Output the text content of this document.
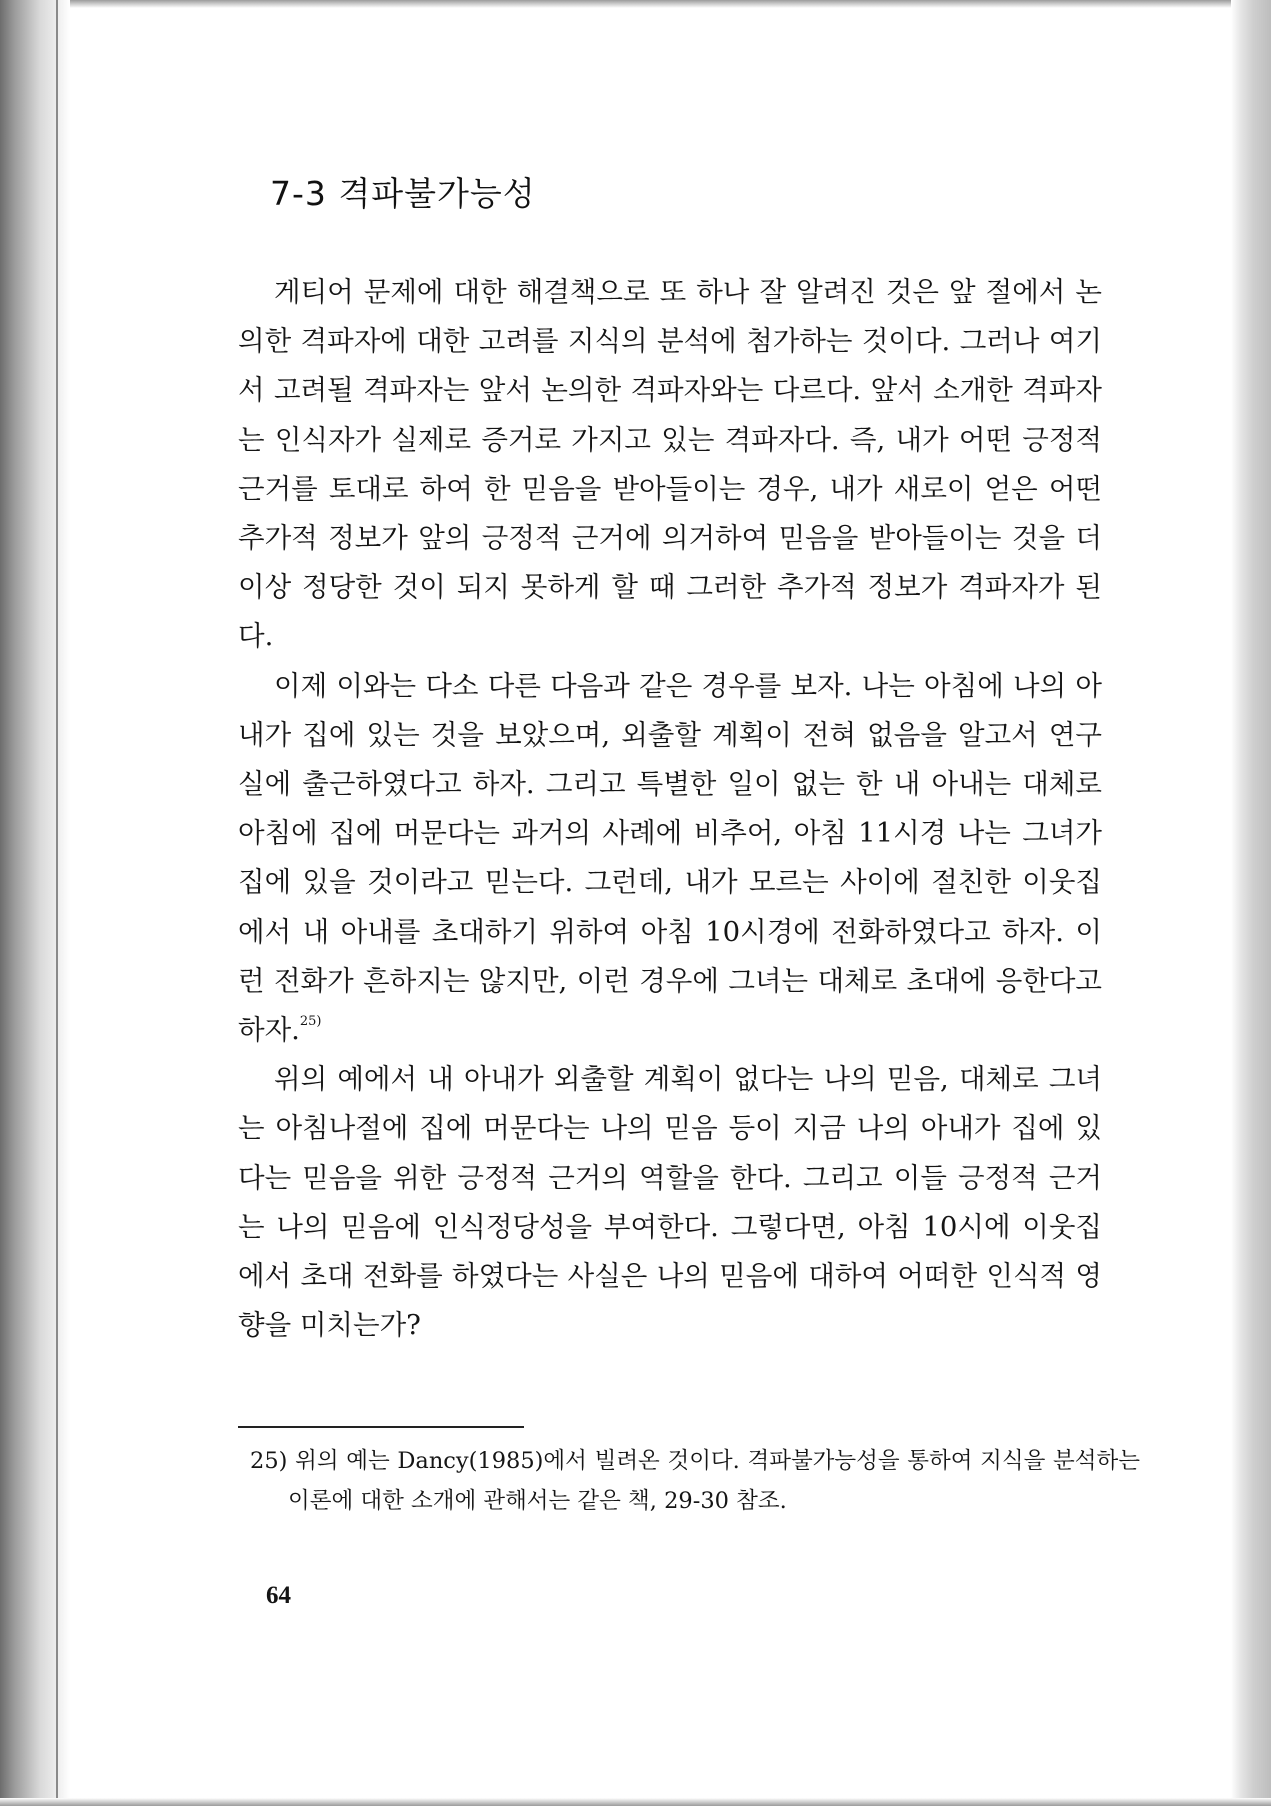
7-3 격파불가능성

게티어 문제에 대한 해결책으로 또 하나 잘 알려진 것은 앞 절에서 논의한 격파자에 대한 고려를 지식의 분석에 첨가하는 것이다. 그러나 여기서 고려될 격파자는 앞서 논의한 격파자와는 다르다. 앞서 소개한 격파자는 인식자가 실제로 증거로 가지고 있는 격파자다. 즉, 내가 어떤 긍정적 근거를 토대로 하여 한 믿음을 받아들이는 경우, 내가 새로이 얻은 어떤 추가적 정보가 앞의 긍정적 근거에 의거하여 믿음을 받아들이는 것을 더 이상 정당한 것이 되지 못하게 할 때 그러한 추가적 정보가 격파자가 된다.

이제 이와는 다소 다른 다음과 같은 경우를 보자. 나는 아침에 나의 아내가 집에 있는 것을 보았으며, 외출할 계획이 전혀 없음을 알고서 연구실에 출근하였다고 하자. 그리고 특별한 일이 없는 한 내 아내는 대체로 아침에 집에 머문다는 과거의 사례에 비추어, 아침 11시경 나는 그녀가 집에 있을 것이라고 믿는다. 그런데, 내가 모르는 사이에 절친한 이웃집에서 내 아내를 초대하기 위하여 아침 10시경에 전화하였다고 하자. 이런 전화가 흔하지는 않지만, 이런 경우에 그녀는 대체로 초대에 응한다고 하자.$^{25)}$

위의 예에서 내 아내가 외출할 계획이 없다는 나의 믿음, 대체로 그녀는 아침나절에 집에 머문다는 나의 믿음 등이 지금 나의 아내가 집에 있다는 믿음을 위한 긍정적 근거의 역할을 한다. 그리고 이들 긍정적 근거는 나의 믿음에 인식정당성을 부여한다. 그렇다면, 아침 10시에 이웃집에서 초대 전화를 하였다는 사실은 나의 믿음에 대하여 어떠한 인식적 영향을 미치는가?

25) 위의 예는 Dancy(1985)에서 빌려온 것이다. 격파불가능성을 통하여 지식을 분석하는 이론에 대한 소개에 관해서는 같은 책, 29-30 참조.
64
